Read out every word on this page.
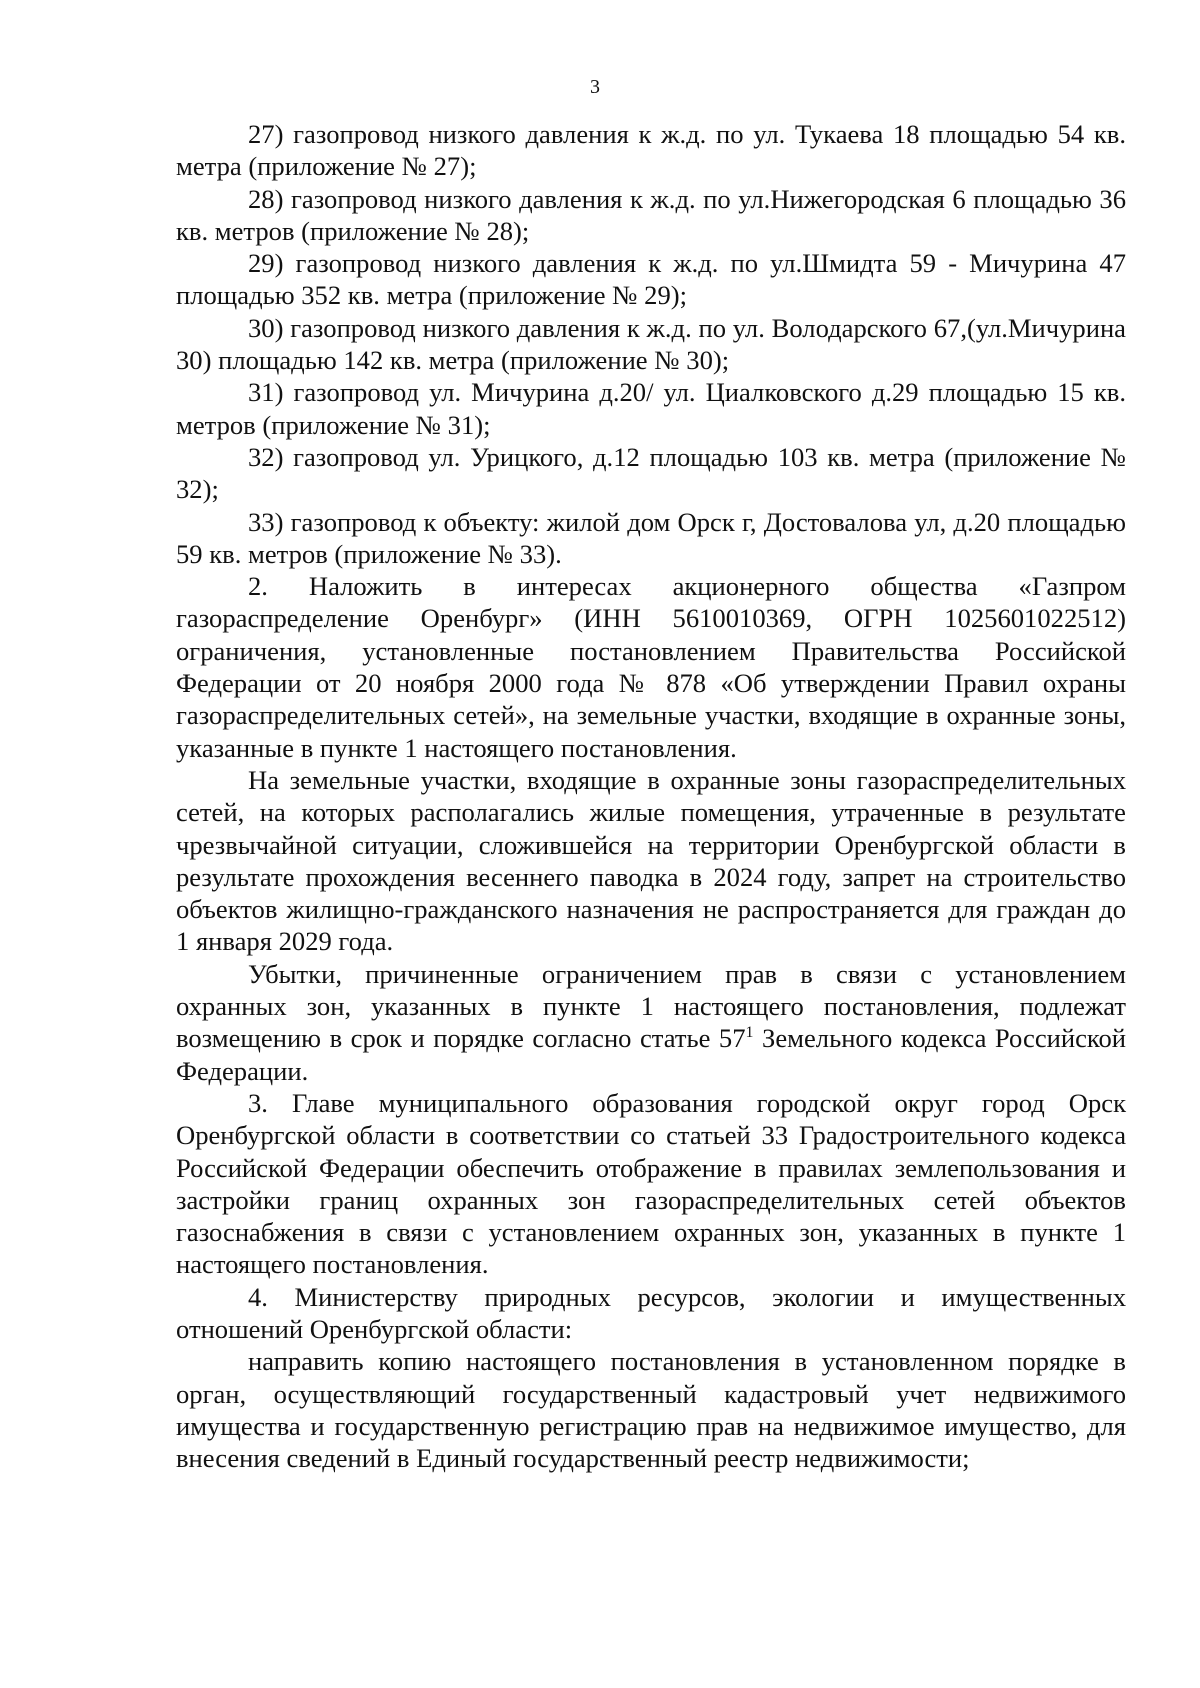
3

27) газопровод низкого давления к ж.д. по ул. Тукаева 18 площадью 54 кв. метра (приложение № 27);

28) газопровод низкого давления к ж.д. по ул.Нижегородская 6 площадью 36 кв. метров (приложение № 28);

29) газопровод низкого давления к ж.д. по ул.Шмидта 59 - Мичурина 47 площадью 352 кв. метра (приложение № 29);

30) газопровод низкого давления к ж.д. по ул. Володарского 67,(ул.Мичурина 30) площадью 142 кв. метра (приложение № 30);

31) газопровод ул. Мичурина д.20/ ул. Циалковского д.29 площадью 15 кв. метров (приложение № 31);

32) газопровод ул. Урицкого, д.12 площадью 103 кв. метра (приложение № 32);

33) газопровод к объекту: жилой дом Орск г, Достовалова ул, д.20 площадью 59 кв. метров (приложение № 33).

2. Наложить в интересах акционерного общества «Газпром газораспределение Оренбург» (ИНН 5610010369, ОГРН 1025601022512) ограничения, установленные постановлением Правительства Российской Федерации от 20 ноября 2000 года № 878 «Об утверждении Правил охраны газораспределительных сетей», на земельные участки, входящие в охранные зоны, указанные в пункте 1 настоящего постановления.

На земельные участки, входящие в охранные зоны газораспределительных сетей, на которых располагались жилые помещения, утраченные в результате чрезвычайной ситуации, сложившейся на территории Оренбургской области в результате прохождения весеннего паводка в 2024 году, запрет на строительство объектов жилищно-гражданского назначения не распространяется для граждан до 1 января 2029 года.

Убытки, причиненные ограничением прав в связи с установлением охранных зон, указанных в пункте 1 настоящего постановления, подлежат возмещению в срок и порядке согласно статье $57^1$ Земельного кодекса Российской Федерации.

3. Главе муниципального образования городской округ город Орск Оренбургской области в соответствии со статьей 33 Градостроительного кодекса Российской Федерации обеспечить отображение в правилах землепользования и застройки границ охранных зон газораспределительных сетей объектов газоснабжения в связи с установлением охранных зон, указанных в пункте 1 настоящего постановления.

4. Министерству природных ресурсов, экологии и имущественных отношений Оренбургской области:

направить копию настоящего постановления в установленном порядке в орган, осуществляющий государственный кадастровый учет недвижимого имущества и государственную регистрацию прав на недвижимое имущество, для внесения сведений в Единый государственный реестр недвижимости;
